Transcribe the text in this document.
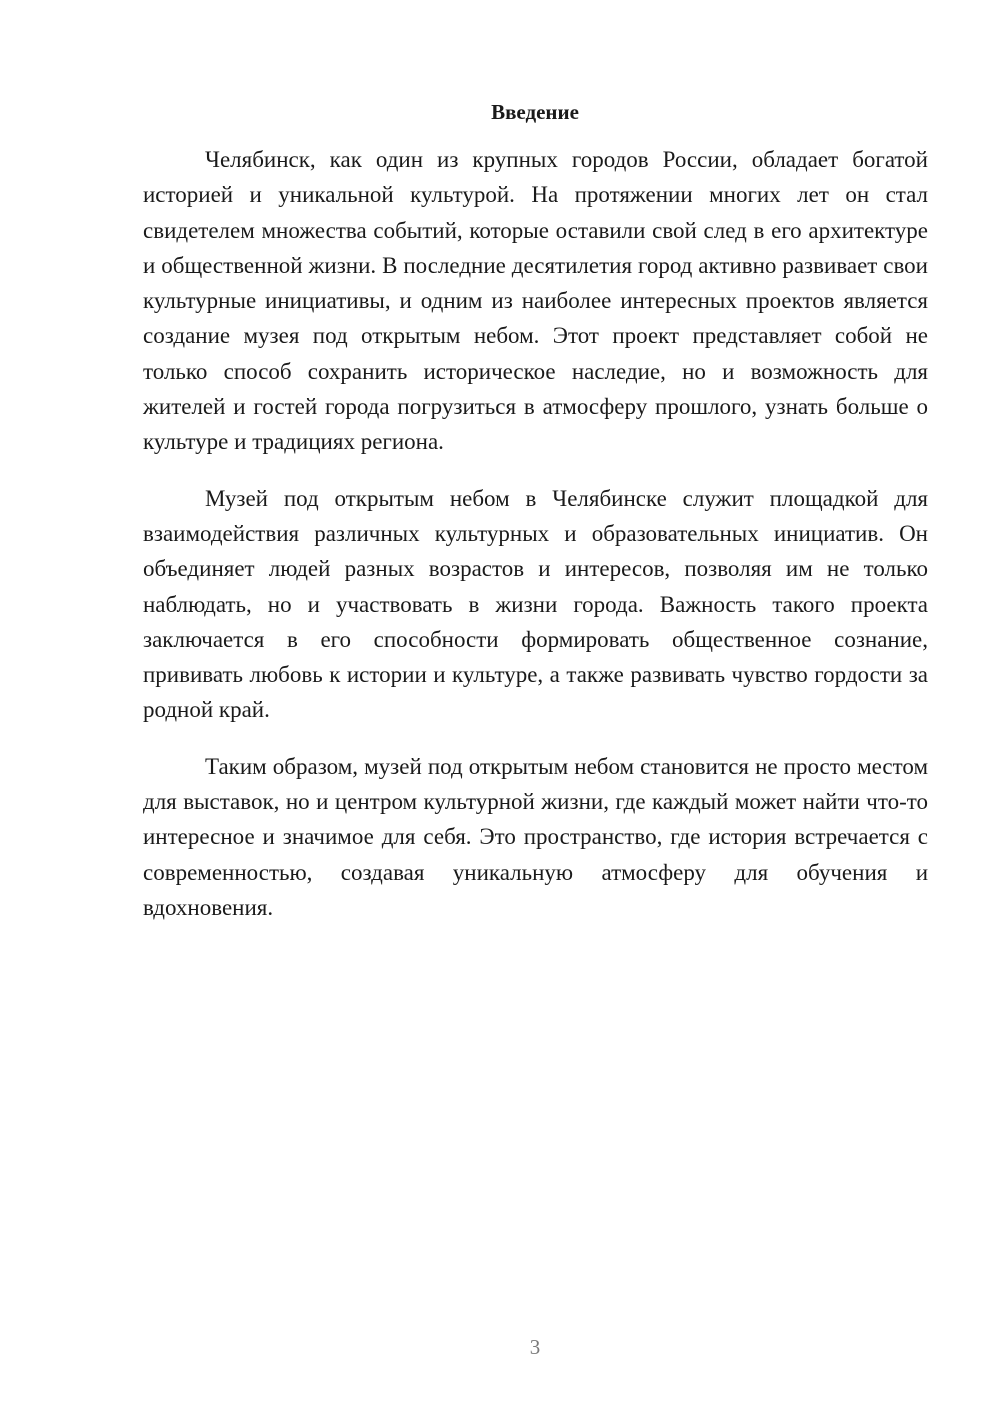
Введение

Челябинск, как один из крупных городов России, обладает богатой историей и уникальной культурой. На протяжении многих лет он стал свидетелем множества событий, которые оставили свой след в его архитектуре и общественной жизни. В последние десятилетия город активно развивает свои культурные инициативы, и одним из наиболее интересных проектов является создание музея под открытым небом. Этот проект представляет собой не только способ сохранить историческое наследие, но и возможность для жителей и гостей города погрузиться в атмосферу прошлого, узнать больше о культуре и традициях региона.

Музей под открытым небом в Челябинске служит площадкой для взаимодействия различных культурных и образовательных инициатив. Он объединяет людей разных возрастов и интересов, позволяя им не только наблюдать, но и участвовать в жизни города. Важность такого проекта заключается в его способности формировать общественное сознание, прививать любовь к истории и культуре, а также развивать чувство гордости за родной край.

Таким образом, музей под открытым небом становится не просто местом для выставок, но и центром культурной жизни, где каждый может найти что-то интересное и значимое для себя. Это пространство, где история встречается с современностью, создавая уникальную атмосферу для обучения и вдохновения.

3
